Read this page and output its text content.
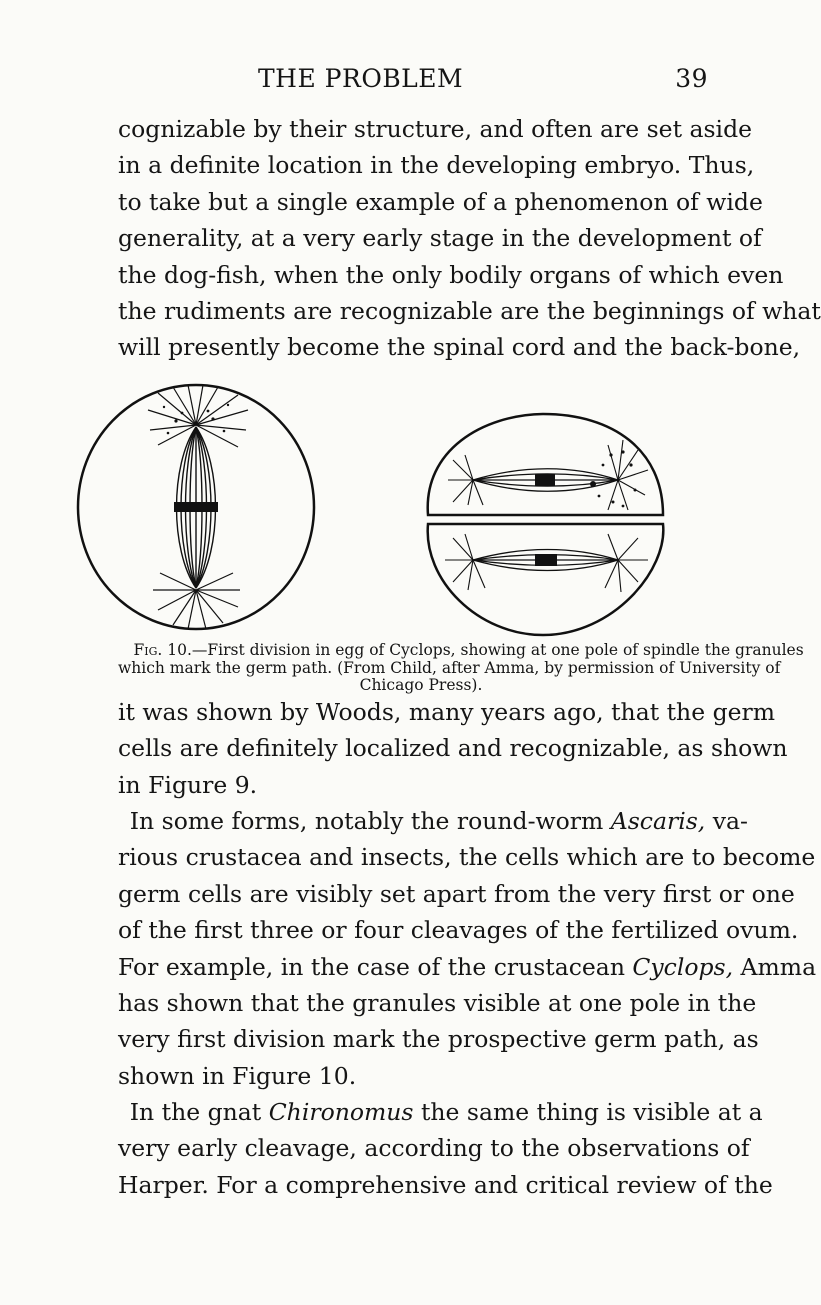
THE PROBLEM	39

cognizable by their structure, and often are set aside
in a definite location in the developing embryo. Thus,
to take but a single example of a phenomenon of wide
generality, at a very early stage in the development of
the dog-fish, when the only bodily organs of which even
the rudiments are recognizable are the beginnings of what
will presently become the spinal cord and the back-bone,

 Fig. 10.—First division in egg of Cyclops, showing at one pole of spindle the granules
which mark the germ path. (From Child, after Amma, by permission of University of
Chicago Press).

it was shown by Woods, many years ago, that the germ
cells are definitely localized and recognizable, as shown
in Figure 9.

 In some forms, notably the round-worm Ascaris, va-
rious crustacea and insects, the cells which are to become
germ cells are visibly set apart from the very first or one
of the first three or four cleavages of the fertilized ovum.
For example, in the case of the crustacean Cyclops, Amma
has shown that the granules visible at one pole in the
very first division mark the prospective germ path, as
shown in Figure 10.

 In the gnat Chironomus the same thing is visible at a
very early cleavage, according to the observations of
Harper. For a comprehensive and critical review of the
